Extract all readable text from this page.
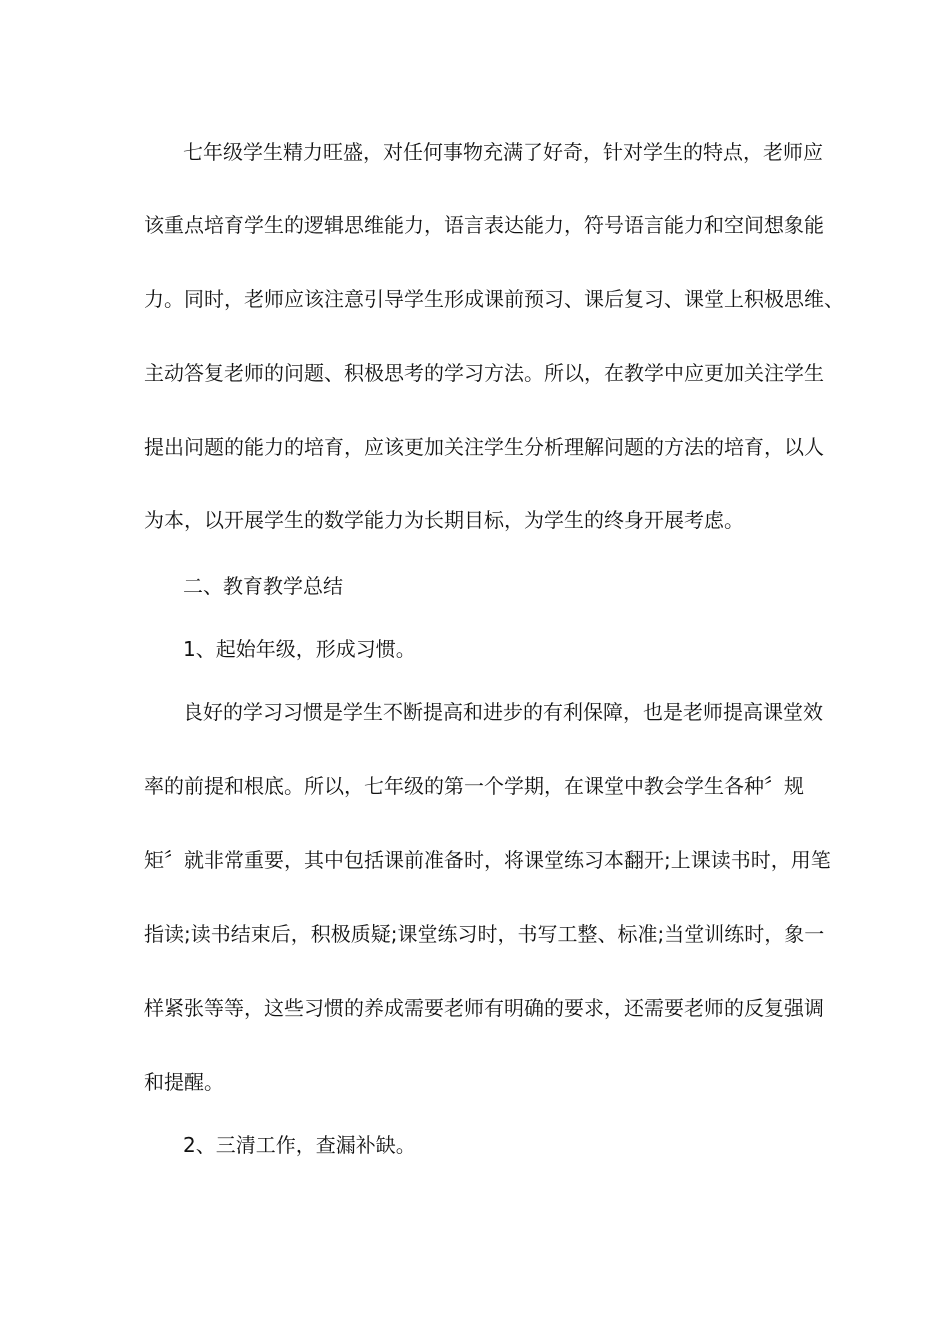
七年级学生精力旺盛，对任何事物充满了好奇，针对学生的特点，老师应
该重点培育学生的逻辑思维能力，语言表达能力，符号语言能力和空间想象能
力。同时，老师应该注意引导学生形成课前预习、课后复习、课堂上积极思维、
主动答复老师的问题、积极思考的学习方法。所以，在教学中应更加关注学生
提出问题的能力的培育，应该更加关注学生分析理解问题的方法的培育，以人
为本，以开展学生的数学能力为长期目标，为学生的终身开展考虑。
二、教育教学总结
1、起始年级，形成习惯。
良好的学习习惯是学生不断提高和进步的有利保障，也是老师提高课堂效
率的前提和根底。所以，七年级的第一个学期，在课堂中教会学生各种〞规
矩〞就非常重要，其中包括课前准备时，将课堂练习本翻开;上课读书时，用笔
指读;读书结束后，积极质疑;课堂练习时，书写工整、标准;当堂训练时，象一
样紧张等等，这些习惯的养成需要老师有明确的要求，还需要老师的反复强调
和提醒。
2、三清工作，查漏补缺。
